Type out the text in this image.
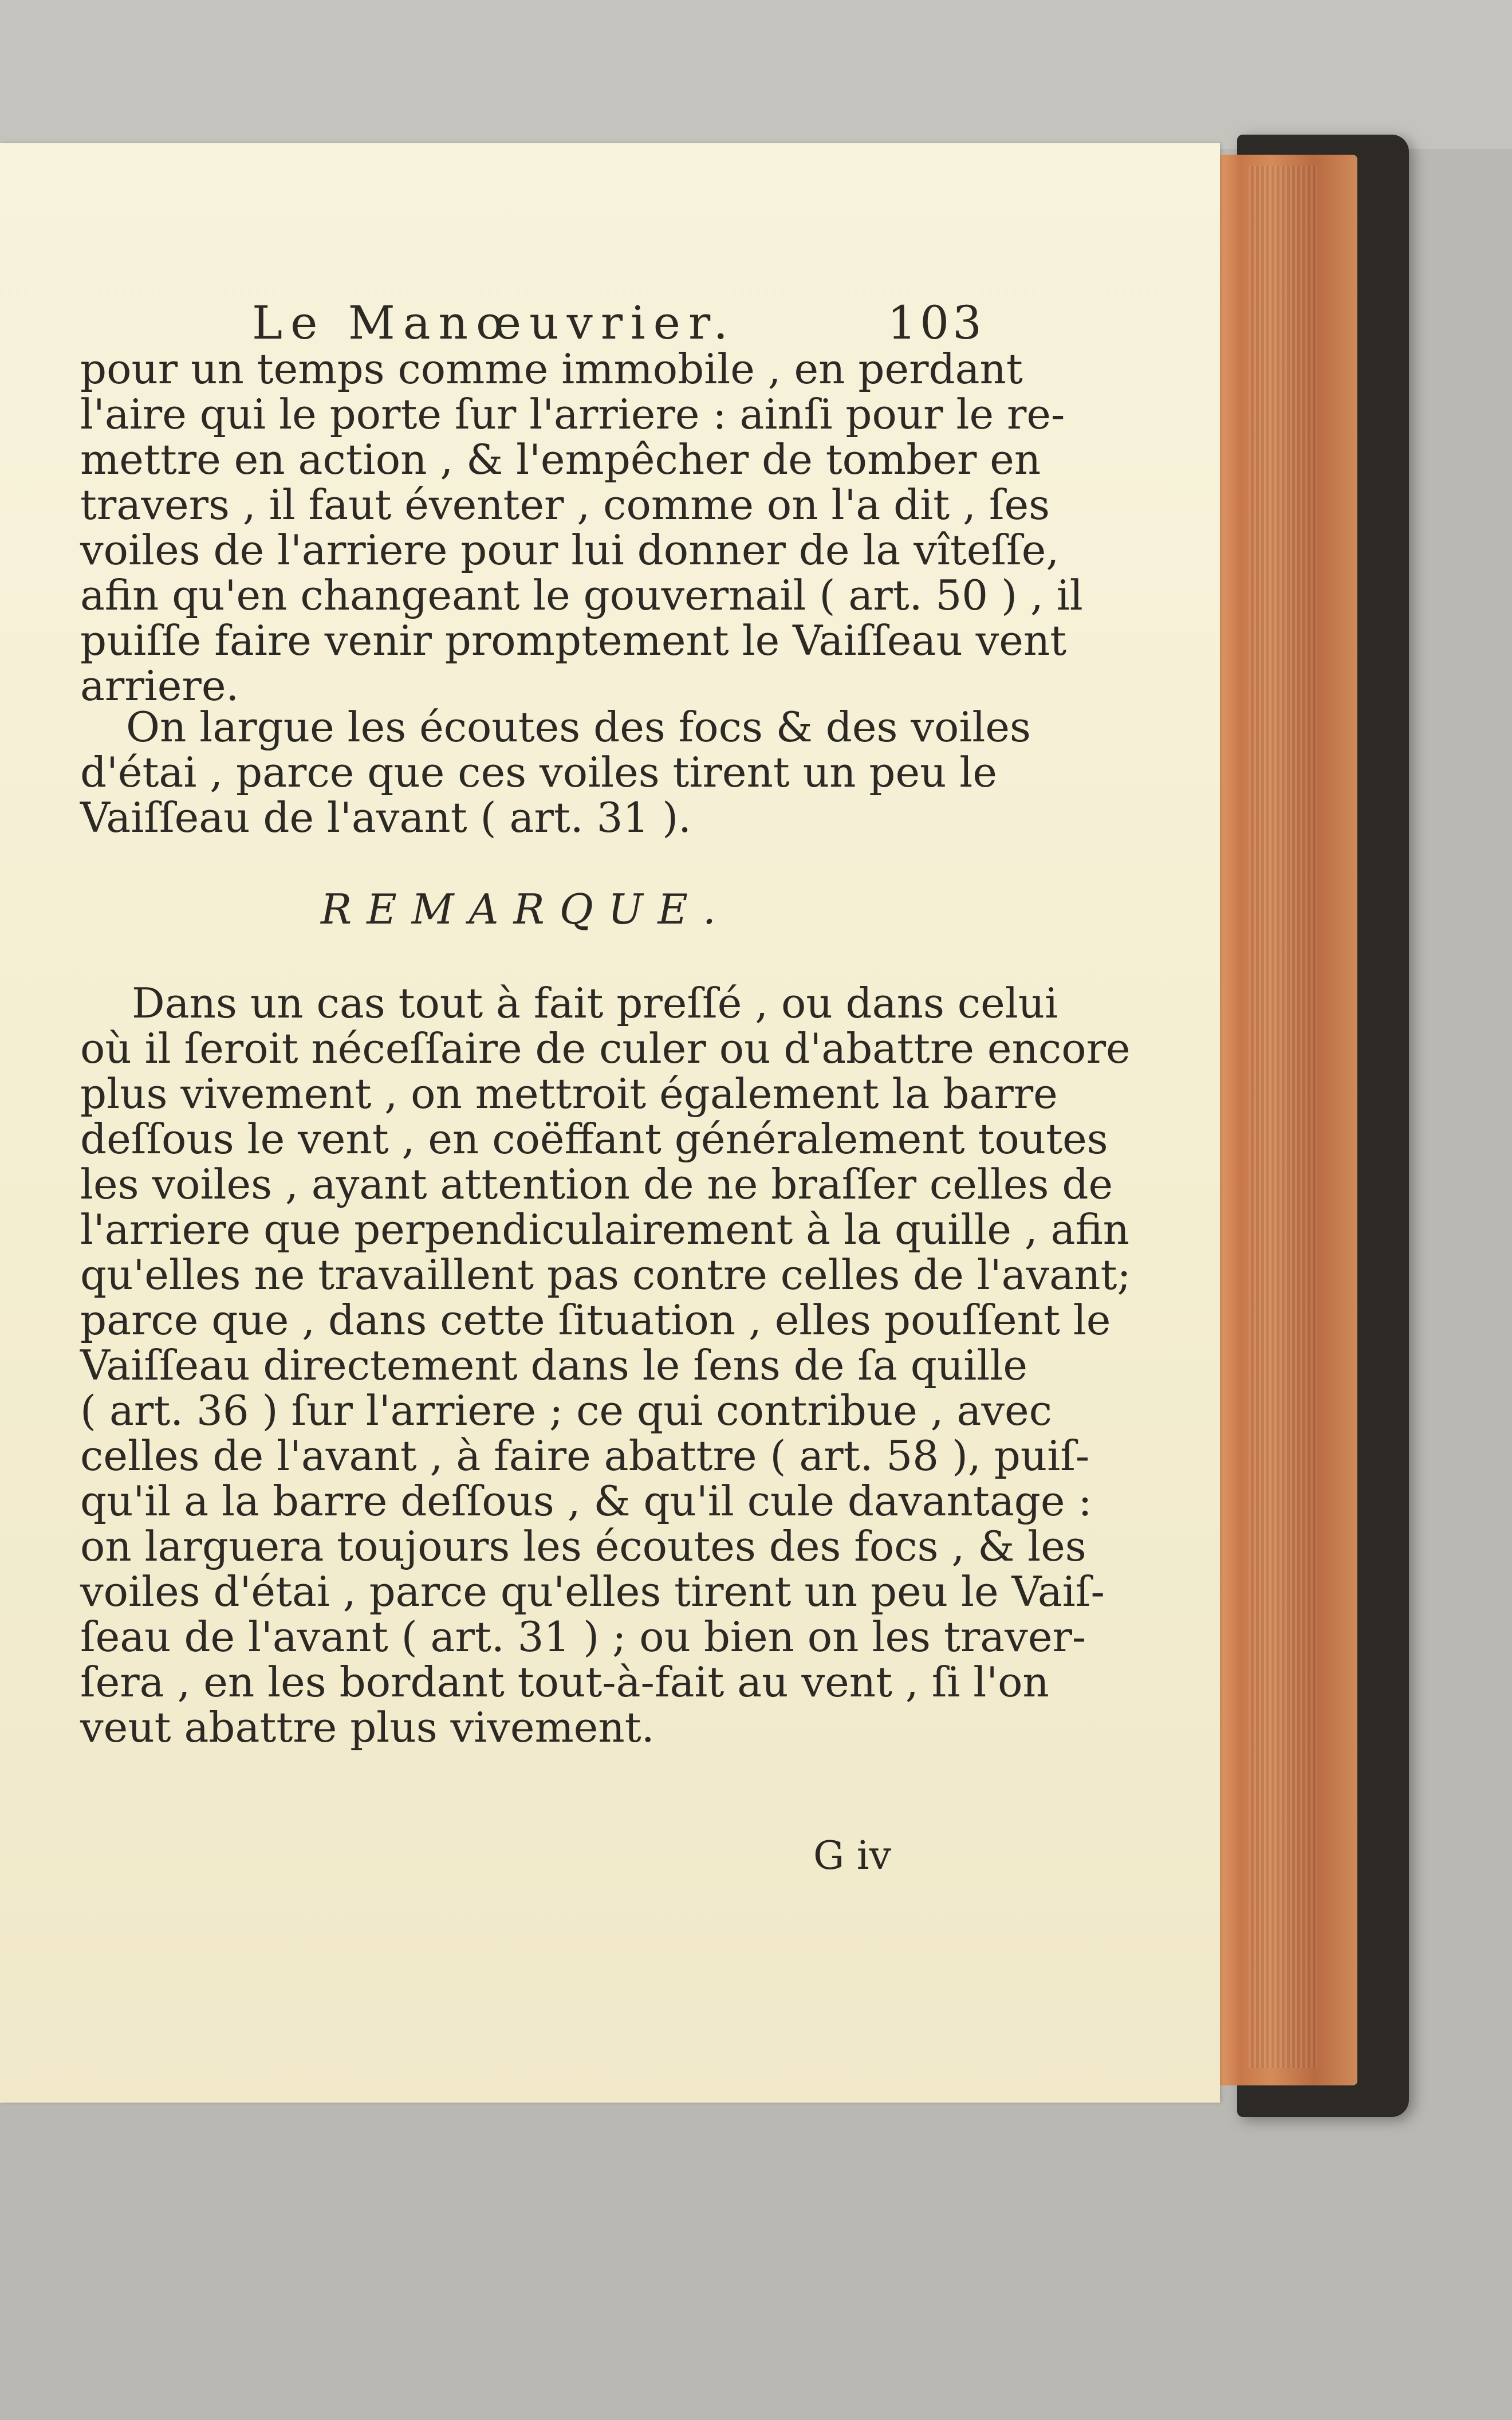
Le Manœuvrier.	103

pour un temps comme immobile , en perdant

l'aire qui le porte ſur l'arriere : ainſi pour le re-

mettre en action , & l'empêcher de tomber en

travers , il faut éventer , comme on l'a dit , ſes

voiles de l'arriere pour lui donner de la vîteſſe,

afin qu'en changeant le gouvernail ( art. 50 ) , il

puiſſe faire venir promptement le Vaiſſeau vent

arriere.

On largue les écoutes des focs & des voiles

d'étai , parce que ces voiles tirent un peu le

Vaiſſeau de l'avant ( art. 31 ).

REMARQUE.

Dans un cas tout à fait preſſé , ou dans celui

où il ſeroit néceſſaire de culer ou d'abattre encore

plus vivement , on mettroit également la barre

deſſous le vent , en coëffant généralement toutes

les voiles , ayant attention de ne braſſer celles de

l'arriere que perpendiculairement à la quille , afin

qu'elles ne travaillent pas contre celles de l'avant;

parce que , dans cette ſituation , elles pouſſent le

Vaiſſeau directement dans le ſens de ſa quille

( art. 36 ) ſur l'arriere ; ce qui contribue , avec

celles de l'avant , à faire abattre ( art. 58 ), puiſ-

qu'il a la barre deſſous , & qu'il cule davantage :

on larguera toujours les écoutes des focs , & les

voiles d'étai , parce qu'elles tirent un peu le Vaiſ-

ſeau de l'avant ( art. 31 ) ; ou bien on les traver-

ſera , en les bordant tout-à-fait au vent , ſi l'on

veut abattre plus vivement.

G iv
